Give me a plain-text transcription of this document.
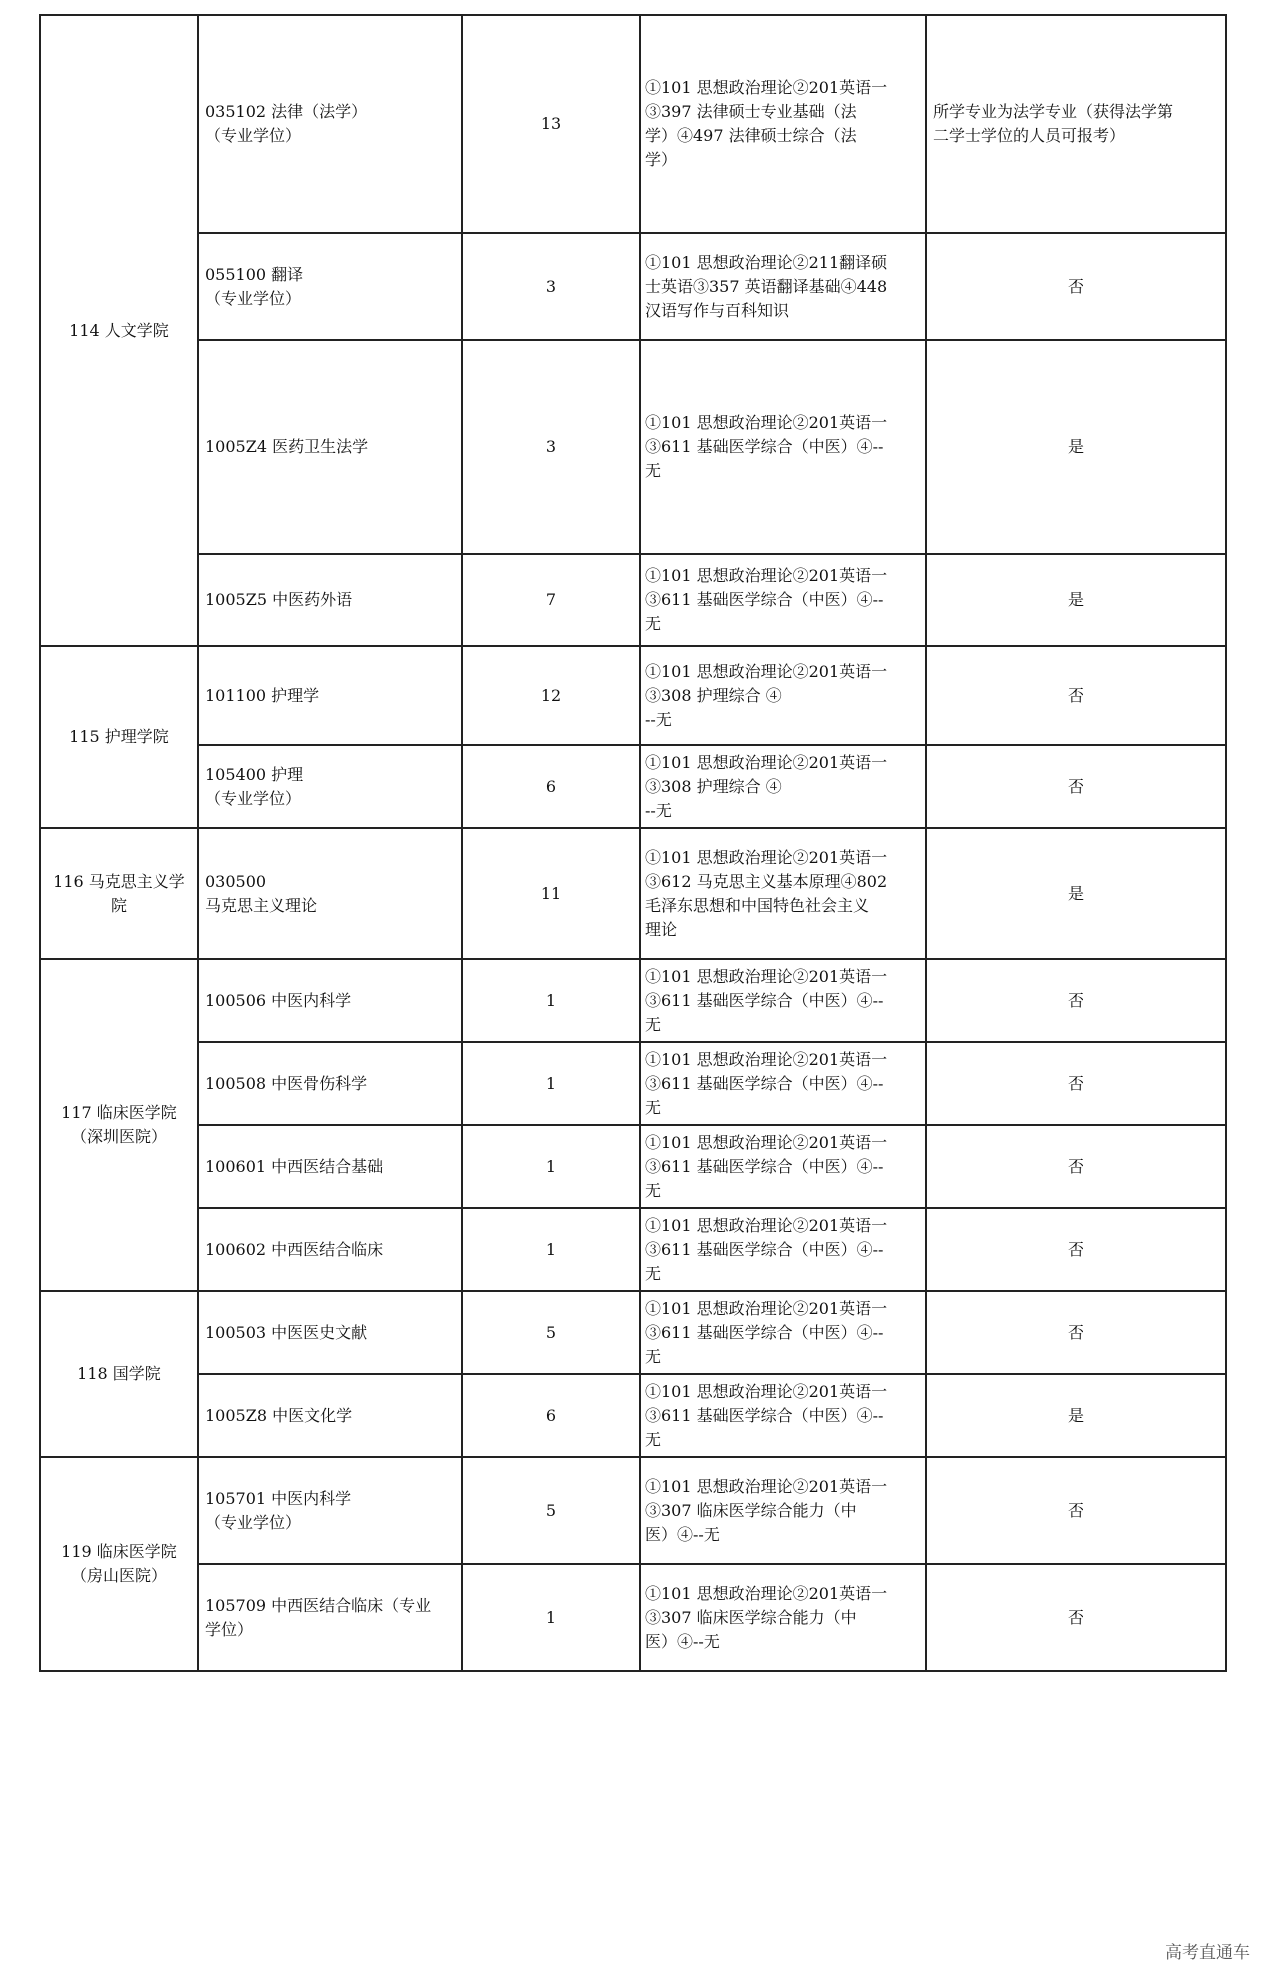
114 人文学院	035102 法律（法学）
（专业学位）	13	①101 思想政治理论②201英语一
③397 法律硕士专业基础（法
学）④497 法律硕士综合（法
学）	所学专业为法学专业（获得法学第
二学士学位的人员可报考）

	055100 翻译
（专业学位）	3	①101 思想政治理论②211翻译硕
士英语③357 英语翻译基础④448
汉语写作与百科知识	否

	1005Z4 医药卫生法学	3	①101 思想政治理论②201英语一
③611 基础医学综合（中医）④--
无	是

	1005Z5 中医药外语	7	①101 思想政治理论②201英语一
③611 基础医学综合（中医）④--
无	是

115 护理学院	101100 护理学	12	①101 思想政治理论②201英语一
③308 护理综合 ④
--无	否

	105400 护理
（专业学位）	6	①101 思想政治理论②201英语一
③308 护理综合 ④
--无	否

116 马克思主义学
院	030500
马克思主义理论	11	①101 思想政治理论②201英语一
③612 马克思主义基本原理④802
毛泽东思想和中国特色社会主义
理论	是

117 临床医学院
（深圳医院）	100506 中医内科学	1	①101 思想政治理论②201英语一
③611 基础医学综合（中医）④--
无	否

	100508 中医骨伤科学	1	①101 思想政治理论②201英语一
③611 基础医学综合（中医）④--
无	否

	100601 中西医结合基础	1	①101 思想政治理论②201英语一
③611 基础医学综合（中医）④--
无	否

	100602 中西医结合临床	1	①101 思想政治理论②201英语一
③611 基础医学综合（中医）④--
无	否

118 国学院	100503 中医医史文献	5	①101 思想政治理论②201英语一
③611 基础医学综合（中医）④--
无	否

	1005Z8 中医文化学	6	①101 思想政治理论②201英语一
③611 基础医学综合（中医）④--
无	是

119 临床医学院
（房山医院）	105701 中医内科学
（专业学位）	5	①101 思想政治理论②201英语一
③307 临床医学综合能力（中
医）④--无	否

	105709 中西医结合临床（专业
学位）	1	①101 思想政治理论②201英语一
③307 临床医学综合能力（中
医）④--无	否
高考直通车
